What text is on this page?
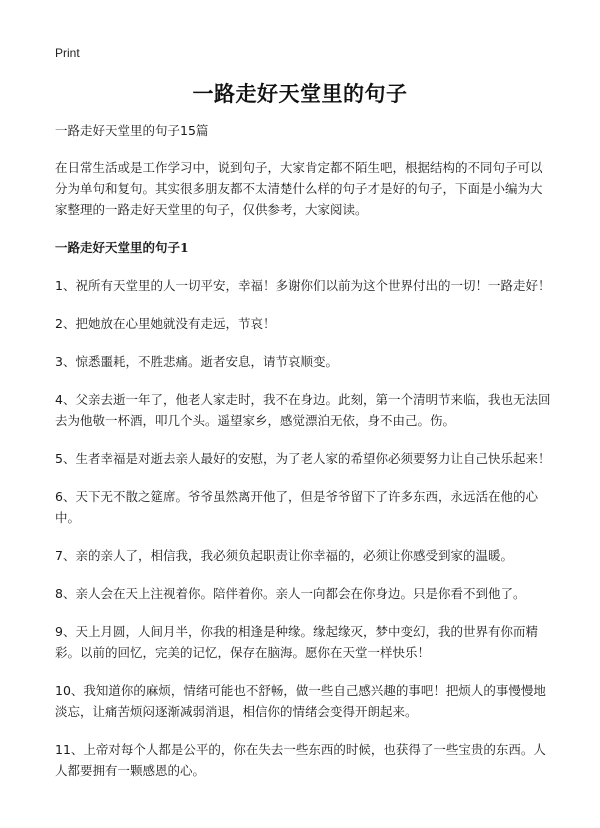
Print
一路走好天堂里的句子

一路走好天堂里的句子15篇

在日常生活或是工作学习中，说到句子，大家肯定都不陌生吧，根据结构的不同句子可以分为单句和复句。其实很多朋友都不太清楚什么样的句子才是好的句子，下面是小编为大家整理的一路走好天堂里的句子，仅供参考，大家阅读。

一路走好天堂里的句子1

1、祝所有天堂里的人一切平安，幸福！多谢你们以前为这个世界付出的一切！一路走好！

2、把她放在心里她就没有走远，节哀！

3、惊悉噩耗，不胜悲痛。逝者安息，请节哀顺变。

4、父亲去逝一年了，他老人家走时，我不在身边。此刻，第一个清明节来临，我也无法回去为他敬一杯酒，叩几个头。遥望家乡，感觉漂泊无依，身不由己。伤。

5、生者幸福是对逝去亲人最好的安慰，为了老人家的希望你必须要努力让自己快乐起来！

6、天下无不散之筵席。爷爷虽然离开他了，但是爷爷留下了许多东西，永远活在他的心中。

7、亲的亲人了，相信我，我必须负起职责让你幸福的，必须让你感受到家的温暖。

8、亲人会在天上注视着你。陪伴着你。亲人一向都会在你身边。只是你看不到他了。

9、天上月圆，人间月半，你我的相逢是种缘。缘起缘灭，梦中变幻，我的世界有你而精彩。以前的回忆，完美的记忆，保存在脑海。愿你在天堂一样快乐！

10、我知道你的麻烦，情绪可能也不舒畅，做一些自己感兴趣的事吧！把烦人的事慢慢地淡忘，让痛苦烦闷逐渐减弱消退，相信你的情绪会变得开朗起来。

11、上帝对每个人都是公平的，你在失去一些东西的时候，也获得了一些宝贵的东西。人人都要拥有一颗感恩的心。
